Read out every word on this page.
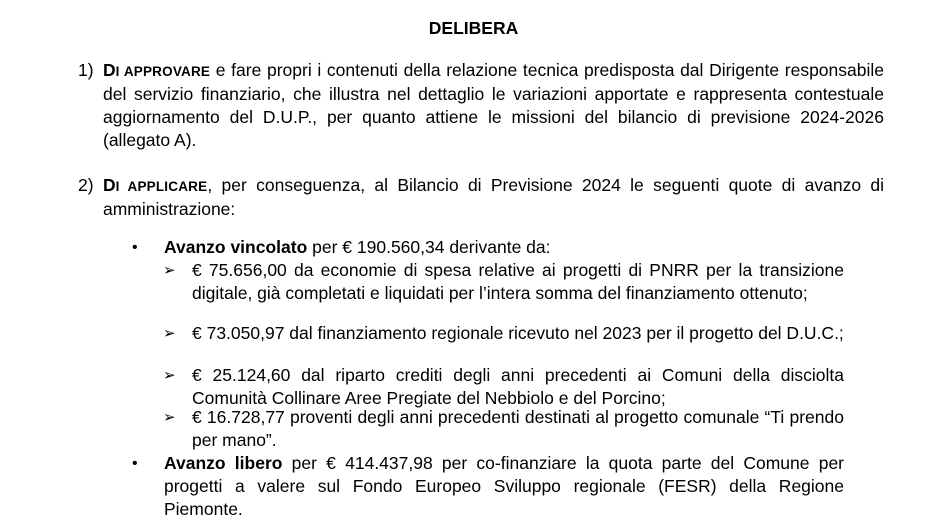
DELIBERA
1) DI APPROVARE e fare propri i contenuti della relazione tecnica predisposta dal Dirigente responsabile del servizio finanziario, che illustra nel dettaglio le variazioni apportate e rappresenta contestuale aggiornamento del D.U.P., per quanto attiene le missioni del bilancio di previsione 2024-2026 (allegato A).
2) DI APPLICARE, per conseguenza, al Bilancio di Previsione 2024 le seguenti quote di avanzo di amministrazione:
• Avanzo vincolato per € 190.560,34 derivante da:
➢ € 75.656,00 da economie di spesa relative ai progetti di PNRR per la transizione digitale, già completati e liquidati per l’intera somma del finanziamento ottenuto;
➢ € 73.050,97 dal finanziamento regionale ricevuto nel 2023 per il progetto del D.U.C.;
➢ € 25.124,60 dal riparto crediti degli anni precedenti ai Comuni della disciolta Comunità Collinare Aree Pregiate del Nebbiolo e del Porcino;
➢ € 16.728,77 proventi degli anni precedenti destinati al progetto comunale “Ti prendo per mano”.
• Avanzo libero per € 414.437,98 per co-finanziare la quota parte del Comune per progetti a valere sul Fondo Europeo Sviluppo regionale (FESR) della Regione Piemonte.
